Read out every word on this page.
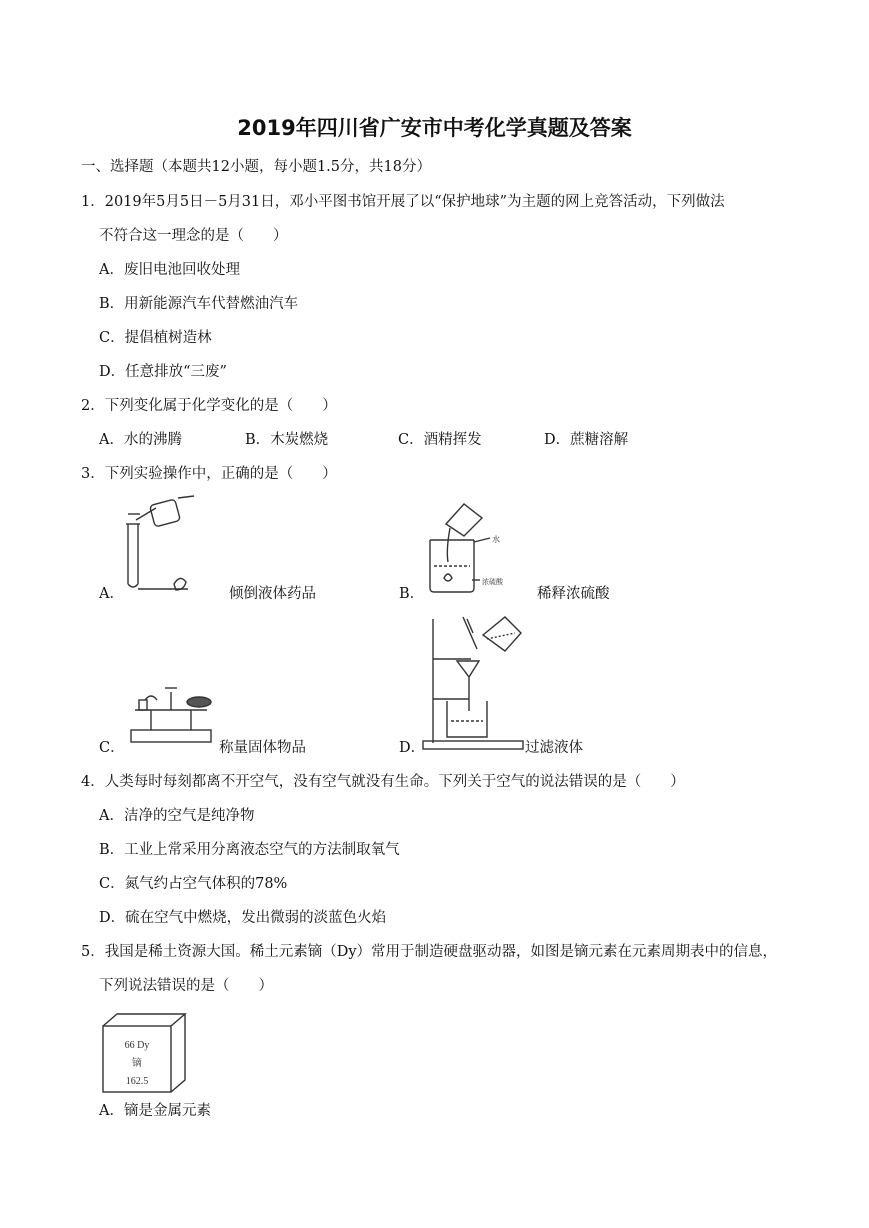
2019年四川省广安市中考化学真题及答案
一、选择题（本题共12小题，每小题1.5分，共18分）
1．2019年5月5日－5月31日，邓小平图书馆开展了以“保护地球”为主题的网上竞答活动，下列做法
不符合这一理念的是（　　）
A．废旧电池回收处理
B．用新能源汽车代替燃油汽车
C．提倡植树造林
D．任意排放“三废”
2．下列变化属于化学变化的是（　　）
A．水的沸腾	B．木炭燃烧	C．酒精挥发	D．蔗糖溶解
3．下列实验操作中，正确的是（　　）
A．	倾倒液体药品
水
浓硫酸
B．	稀释浓硫酸
C．	称量固体物品	D．	过滤液体
4．人类每时每刻都离不开空气，没有空气就没有生命。下列关于空气的说法错误的是（　　）
A．洁净的空气是纯净物
B．工业上常采用分离液态空气的方法制取氧气
C．氮气约占空气体积的78%
D．硫在空气中燃烧，发出微弱的淡蓝色火焰
5．我国是稀土资源大国。稀土元素镝（Dy）常用于制造硬盘驱动器，如图是镝元素在元素周期表中的信息，
下列说法错误的是（　　）
66 Dy
镝
162.5
A．镝是金属元素
